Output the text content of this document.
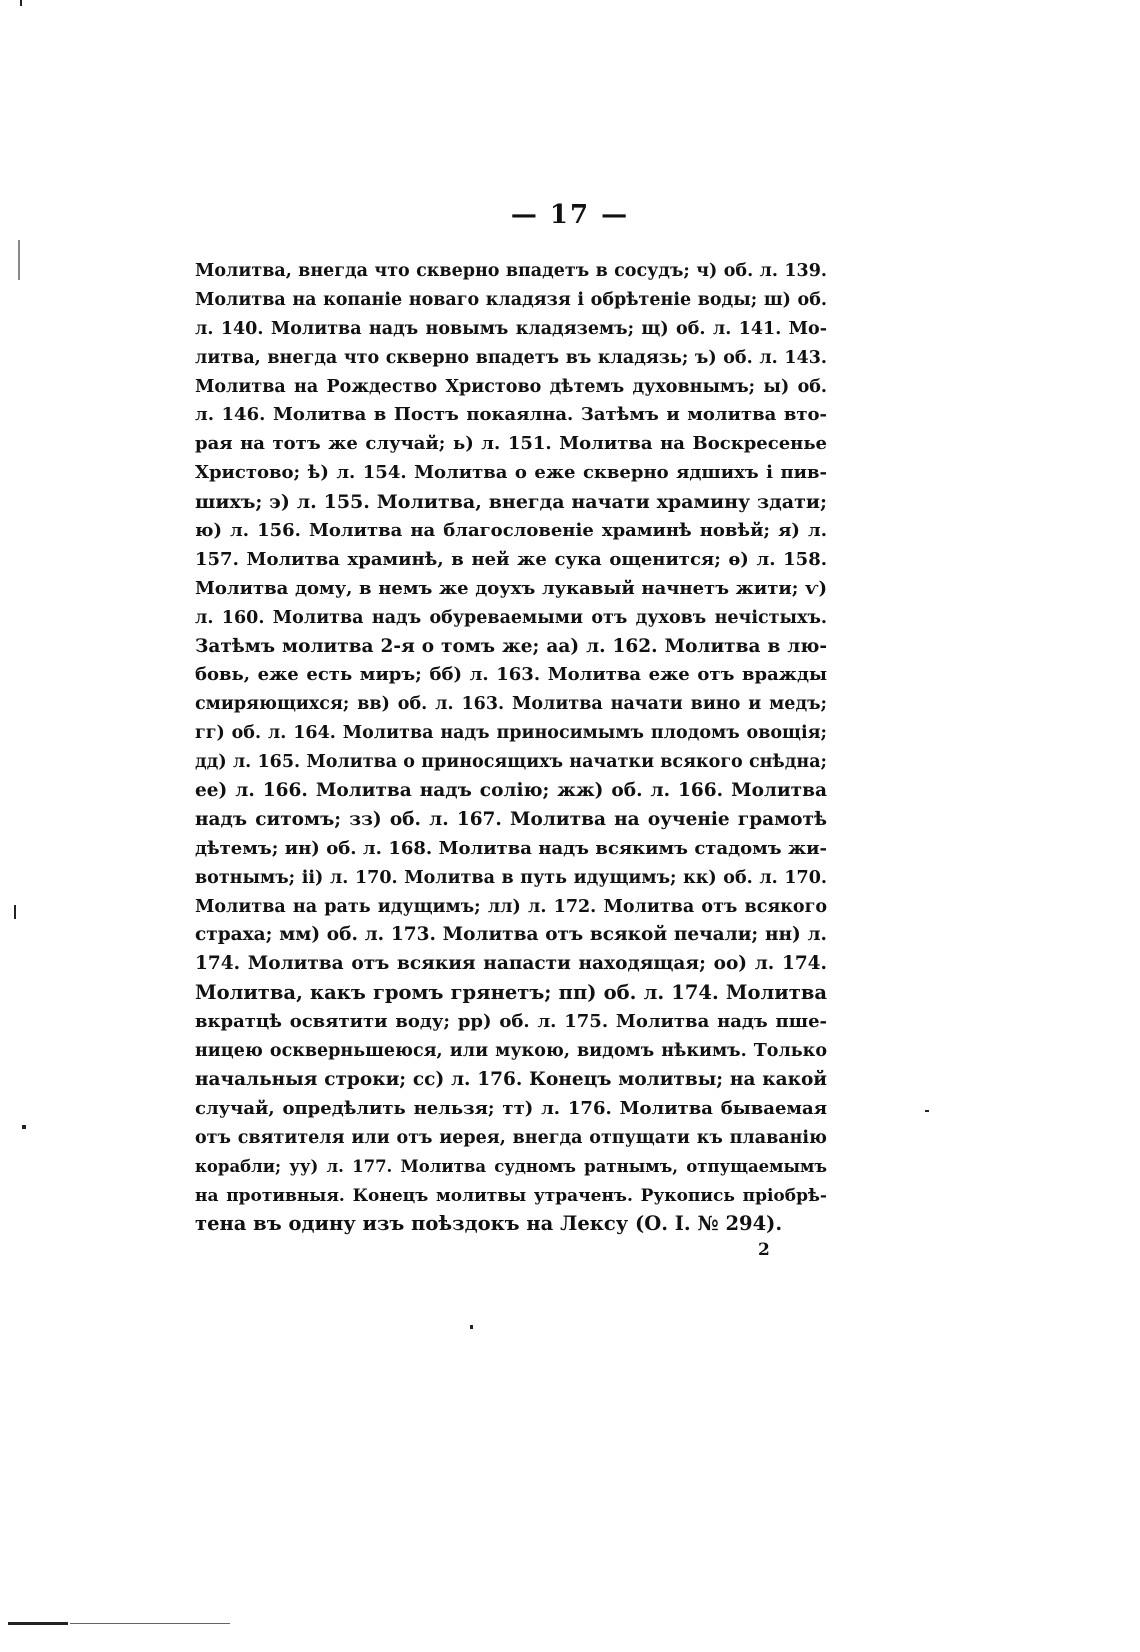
— 17 —
Молитва, внегда что скверно впадетъ в сосудъ; ч) об. л. 139.
Молитва на копаніе новаго кладязя і обрѣтеніе воды; ш) об.
л. 140. Молитва надъ новымъ кладяземъ; щ) об. л. 141. Мо-
литва, внегда что скверно впадетъ въ кладязь; ъ) об. л. 143.
Молитва на Рождество Христово дѣтемъ духовнымъ; ы) об.
л. 146. Молитва в Постъ покаялна. Затѣмъ и молитва вто-
рая на тотъ же случай; ь) л. 151. Молитва на Воскресенье
Христово; ѣ) л. 154. Молитва о еже скверно ядшихъ і пив-
шихъ; э) л. 155. Молитва, внегда начати храмину здати;
ю) л. 156. Молитва на благословеніе храминѣ новѣй; я) л.
157. Молитва храминѣ, в ней же сука ощенится; ѳ) л. 158.
Молитва дому, в немъ же доухъ лукавый начнетъ жити; ѵ)
л. 160. Молитва надъ обуреваемыми отъ духовъ нечістыхъ.
Затѣмъ молитва 2-я о томъ же; аа) л. 162. Молитва в лю-
бовь, еже есть миръ; бб) л. 163. Молитва еже отъ вражды
смиряющихся; вв) об. л. 163. Молитва начати вино и медъ;
гг) об. л. 164. Молитва надъ приносимымъ плодомъ овощія;
дд) л. 165. Молитва о приносящихъ начатки всякого снѣдна;
ее) л. 166. Молитва надъ солію; жж) об. л. 166. Молитва
надъ ситомъ; зз) об. л. 167. Молитва на оученіе грамотѣ
дѣтемъ; ин) об. л. 168. Молитва надъ всякимъ стадомъ жи-
вотнымъ; ii) л. 170. Молитва в путь идущимъ; кк) об. л. 170.
Молитва на рать идущимъ; лл) л. 172. Молитва отъ всякого
страха; мм) об. л. 173. Молитва отъ всякой печали; нн) л.
174. Молитва отъ всякия напасти находящая; оо) л. 174.
Молитва, какъ громъ грянетъ; пп) об. л. 174. Молитва
вкратцѣ освятити воду; рр) об. л. 175. Молитва надъ пше-
ницею оскверньшеюся, или мукою, видомъ нѣкимъ. Только
начальныя строки; сс) л. 176. Конецъ молитвы; на какой
случай, опредѣлить нельзя; тт) л. 176. Молитва бываемая
отъ святителя или отъ иерея, внегда отпущати къ плаванію
корабли; уу) л. 177. Молитва судномъ ратнымъ, отпущаемымъ
на противныя. Конецъ молитвы утраченъ. Рукопись пріобрѣ-
тена въ одину изъ поѣздокъ на Лексу (О. I. № 294).
2
